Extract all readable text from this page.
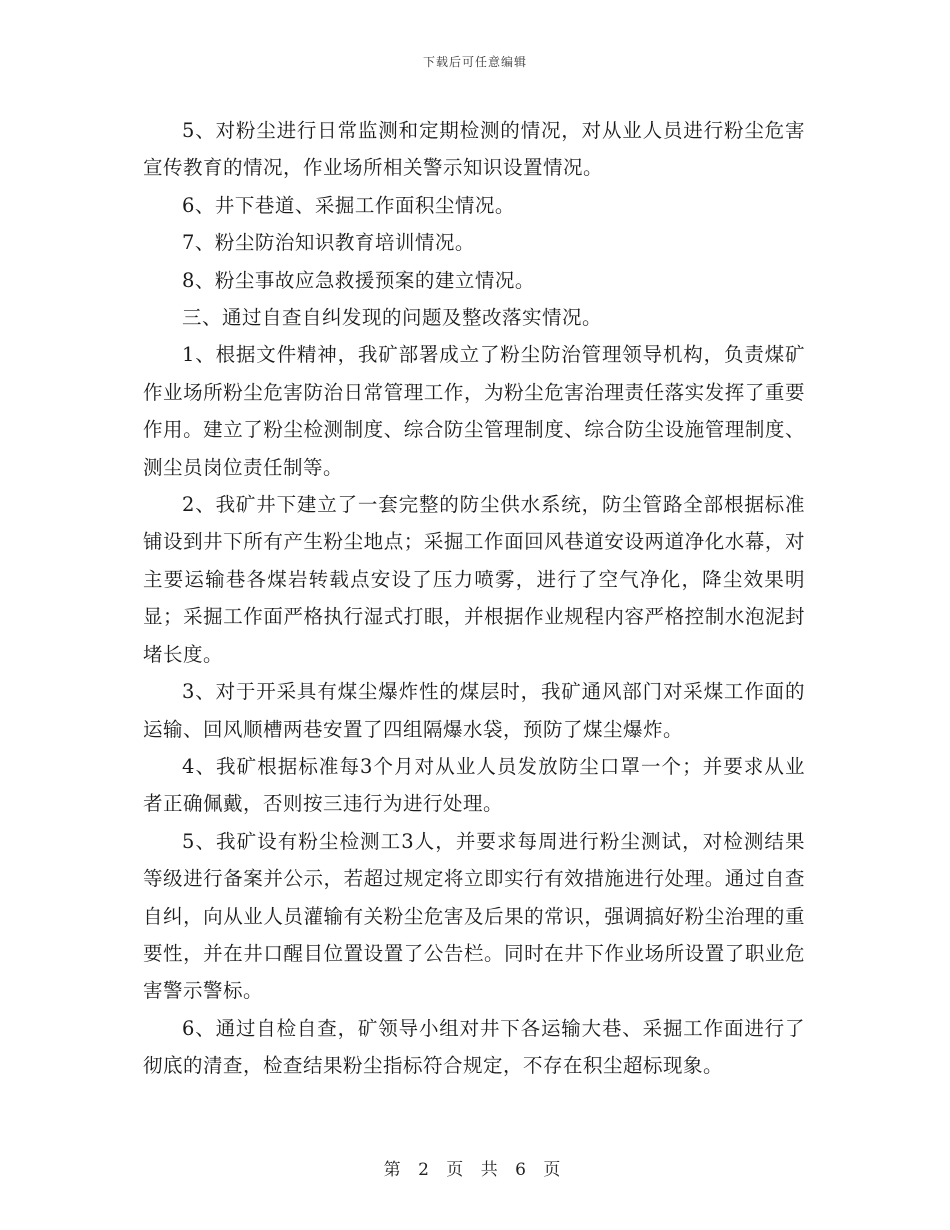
下载后可任意编辑

5、对粉尘进行日常监测和定期检测的情况，对从业人员进行粉尘危害宣传教育的情况，作业场所相关警示知识设置情况。

6、井下巷道、采掘工作面积尘情况。

7、粉尘防治知识教育培训情况。

8、粉尘事故应急救援预案的建立情况。

三、通过自查自纠发现的问题及整改落实情况。

1、根据文件精神，我矿部署成立了粉尘防治管理领导机构，负责煤矿作业场所粉尘危害防治日常管理工作，为粉尘危害治理责任落实发挥了重要作用。建立了粉尘检测制度、综合防尘管理制度、综合防尘设施管理制度、测尘员岗位责任制等。

2、我矿井下建立了一套完整的防尘供水系统，防尘管路全部根据标准铺设到井下所有产生粉尘地点；采掘工作面回风巷道安设两道净化水幕，对主要运输巷各煤岩转载点安设了压力喷雾，进行了空气净化，降尘效果明显；采掘工作面严格执行湿式打眼，并根据作业规程内容严格控制水泡泥封堵长度。

3、对于开采具有煤尘爆炸性的煤层时，我矿通风部门对采煤工作面的运输、回风顺槽两巷安置了四组隔爆水袋，预防了煤尘爆炸。

4、我矿根据标准每3个月对从业人员发放防尘口罩一个；并要求从业者正确佩戴，否则按三违行为进行处理。

5、我矿设有粉尘检测工3人，并要求每周进行粉尘测试，对检测结果等级进行备案并公示，若超过规定将立即实行有效措施进行处理。通过自查自纠，向从业人员灌输有关粉尘危害及后果的常识，强调搞好粉尘治理的重要性，并在井口醒目位置设置了公告栏。同时在井下作业场所设置了职业危害警示警标。

6、通过自检自查，矿领导小组对井下各运输大巷、采掘工作面进行了彻底的清查，检查结果粉尘指标符合规定，不存在积尘超标现象。

第 2 页 共 6 页
